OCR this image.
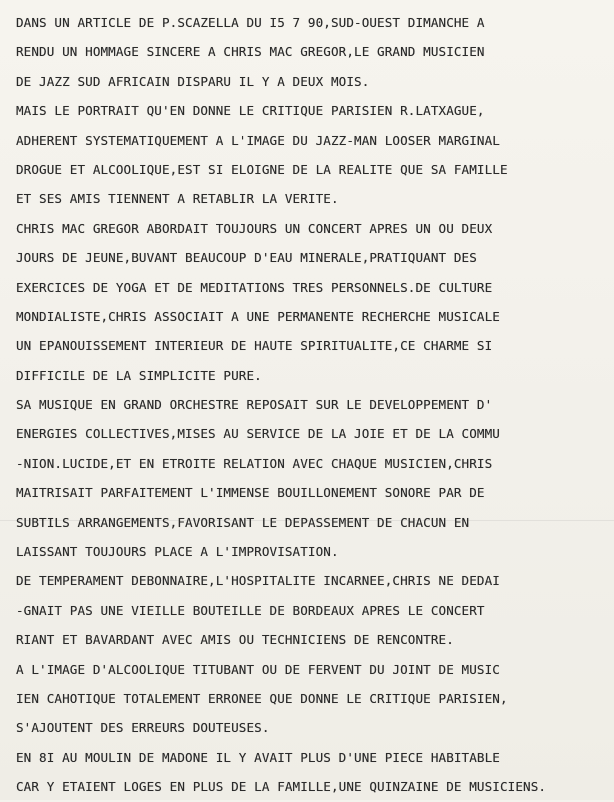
DANS UN ARTICLE DE P.SCAZELLA DU I5 7 90,SUD-OUEST DIMANCHE A
RENDU UN HOMMAGE SINCERE A CHRIS MAC GREGOR,LE GRAND MUSICIEN
DE JAZZ SUD AFRICAIN DISPARU IL Y A DEUX MOIS.
MAIS LE PORTRAIT QU'EN DONNE LE CRITIQUE PARISIEN R.LATXAGUE,
ADHERENT SYSTEMATIQUEMENT A L'IMAGE DU JAZZ-MAN LOOSER MARGINAL
DROGUE ET ALCOOLIQUE,EST SI ELOIGNE DE LA REALITE QUE SA FAMILLE
ET SES AMIS TIENNENT A RETABLIR LA VERITE.
CHRIS MAC GREGOR ABORDAIT TOUJOURS UN CONCERT APRES UN OU DEUX
JOURS DE JEUNE,BUVANT BEAUCOUP D'EAU MINERALE,PRATIQUANT DES
EXERCICES DE YOGA ET DE MEDITATIONS TRES PERSONNELS.DE CULTURE
MONDIALISTE,CHRIS ASSOCIAIT A UNE PERMANENTE RECHERCHE MUSICALE
UN EPANOUISSEMENT INTERIEUR DE HAUTE SPIRITUALITE,CE CHARME SI
DIFFICILE DE LA SIMPLICITE PURE.
SA MUSIQUE EN GRAND ORCHESTRE REPOSAIT SUR LE DEVELOPPEMENT D'
ENERGIES COLLECTIVES,MISES AU SERVICE DE LA JOIE ET DE LA COMMU
-NION.LUCIDE,ET EN ETROITE RELATION AVEC CHAQUE MUSICIEN,CHRIS
MAITRISAIT PARFAITEMENT L'IMMENSE BOUILLONEMENT SONORE PAR DE
SUBTILS ARRANGEMENTS,FAVORISANT LE DEPASSEMENT DE CHACUN EN
LAISSANT TOUJOURS PLACE A L'IMPROVISATION.
DE TEMPERAMENT DEBONNAIRE,L'HOSPITALITE INCARNEE,CHRIS NE DEDAI
-GNAIT PAS UNE VIEILLE BOUTEILLE DE BORDEAUX APRES LE CONCERT
RIANT ET BAVARDANT AVEC AMIS OU TECHNICIENS DE RENCONTRE.
A L'IMAGE D'ALCOOLIQUE TITUBANT OU DE FERVENT DU JOINT DE MUSIC
IEN CAHOTIQUE TOTALEMENT ERRONEE QUE DONNE LE CRITIQUE PARISIEN,
S'AJOUTENT DES ERREURS DOUTEUSES.
EN 8I AU MOULIN DE MADONE IL Y AVAIT PLUS D'UNE PIECE HABITABLE
CAR Y ETAIENT LOGES EN PLUS DE LA FAMILLE,UNE QUINZAINE DE MUSICIENS.
